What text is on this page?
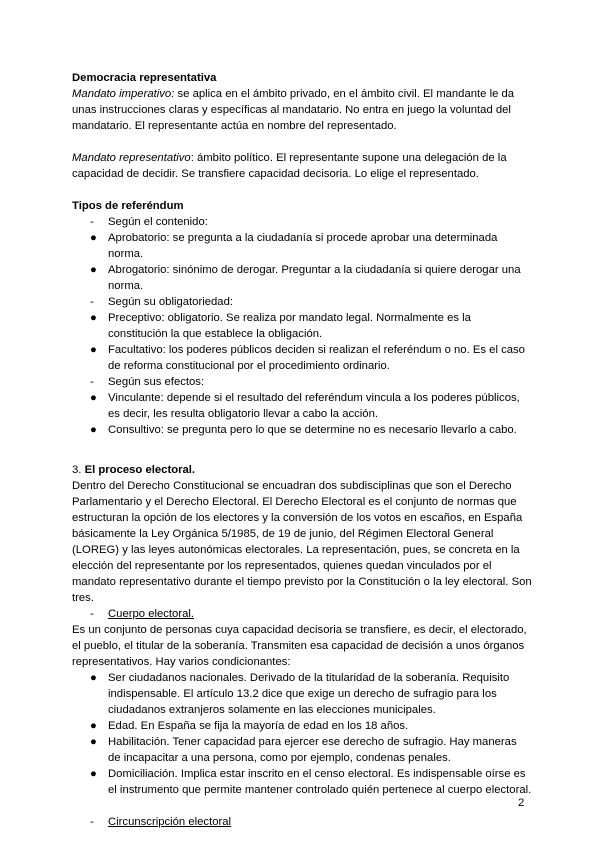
Democracia representativa

Mandato imperativo: se aplica en el ámbito privado, en el ámbito civil. El mandante le da unas instrucciones claras y específicas al mandatario. No entra en juego la voluntad del mandatario. El representante actúa en nombre del representado.

Mandato representativo: ámbito político. El representante supone una delegación de la capacidad de decidir. Se transfiere capacidad decisoria. Lo elige el representado.

Tipos de referéndum

-	Según el contenido:
● Aprobatorio: se pregunta a la ciudadanía si procede aprobar una determinada norma.
● Abrogatorio: sinónimo de derogar. Preguntar a la ciudadanía si quiere derogar una norma.
-	Según su obligatoriedad:
● Preceptivo: obligatorio. Se realiza por mandato legal. Normalmente es la constitución la que establece la obligación.
● Facultativo: los poderes públicos deciden si realizan el referéndum o no. Es el caso de reforma constitucional por el procedimiento ordinario.
-	Según sus efectos:
● Vinculante: depende si el resultado del referéndum vincula a los poderes públicos, es decir, les resulta obligatorio llevar a cabo la acción.
● Consultivo: se pregunta pero lo que se determine no es necesario llevarlo a cabo.

3. El proceso electoral.

Dentro del Derecho Constitucional se encuadran dos subdisciplinas que son el Derecho Parlamentario y el Derecho Electoral. El Derecho Electoral es el conjunto de normas que estructuran la opción de los electores y la conversión de los votos en escaños, en España básicamente la Ley Orgánica 5/1985, de 19 de junio, del Régimen Electoral General (LOREG) y las leyes autonómicas electorales. La representación, pues, se concreta en la elección del representante por los representados, quienes quedan vinculados por el mandato representativo durante el tiempo previsto por la Constitución o la ley electoral. Son tres.

-	Cuerpo electoral.

Es un conjunto de personas cuya capacidad decisoria se transfiere, es decir, el electorado, el pueblo, el titular de la soberanía. Transmiten esa capacidad de decisión a unos órganos representativos. Hay varios condicionantes:

● Ser ciudadanos nacionales. Derivado de la titularidad de la soberanía. Requisito indispensable. El artículo 13.2 dice que exige un derecho de sufragio para los ciudadanos extranjeros solamente en las elecciones municipales.
● Edad. En España se fija la mayoría de edad en los 18 años.
● Habilitación. Tener capacidad para ejercer ese derecho de sufragio. Hay maneras de incapacitar a una persona, como por ejemplo, condenas penales.
● Domiciliación. Implica estar inscrito en el censo electoral. Es indispensable oírse es el instrumento que permite mantener controlado quién pertenece al cuerpo electoral.
-	Circunscripción electoral
2
